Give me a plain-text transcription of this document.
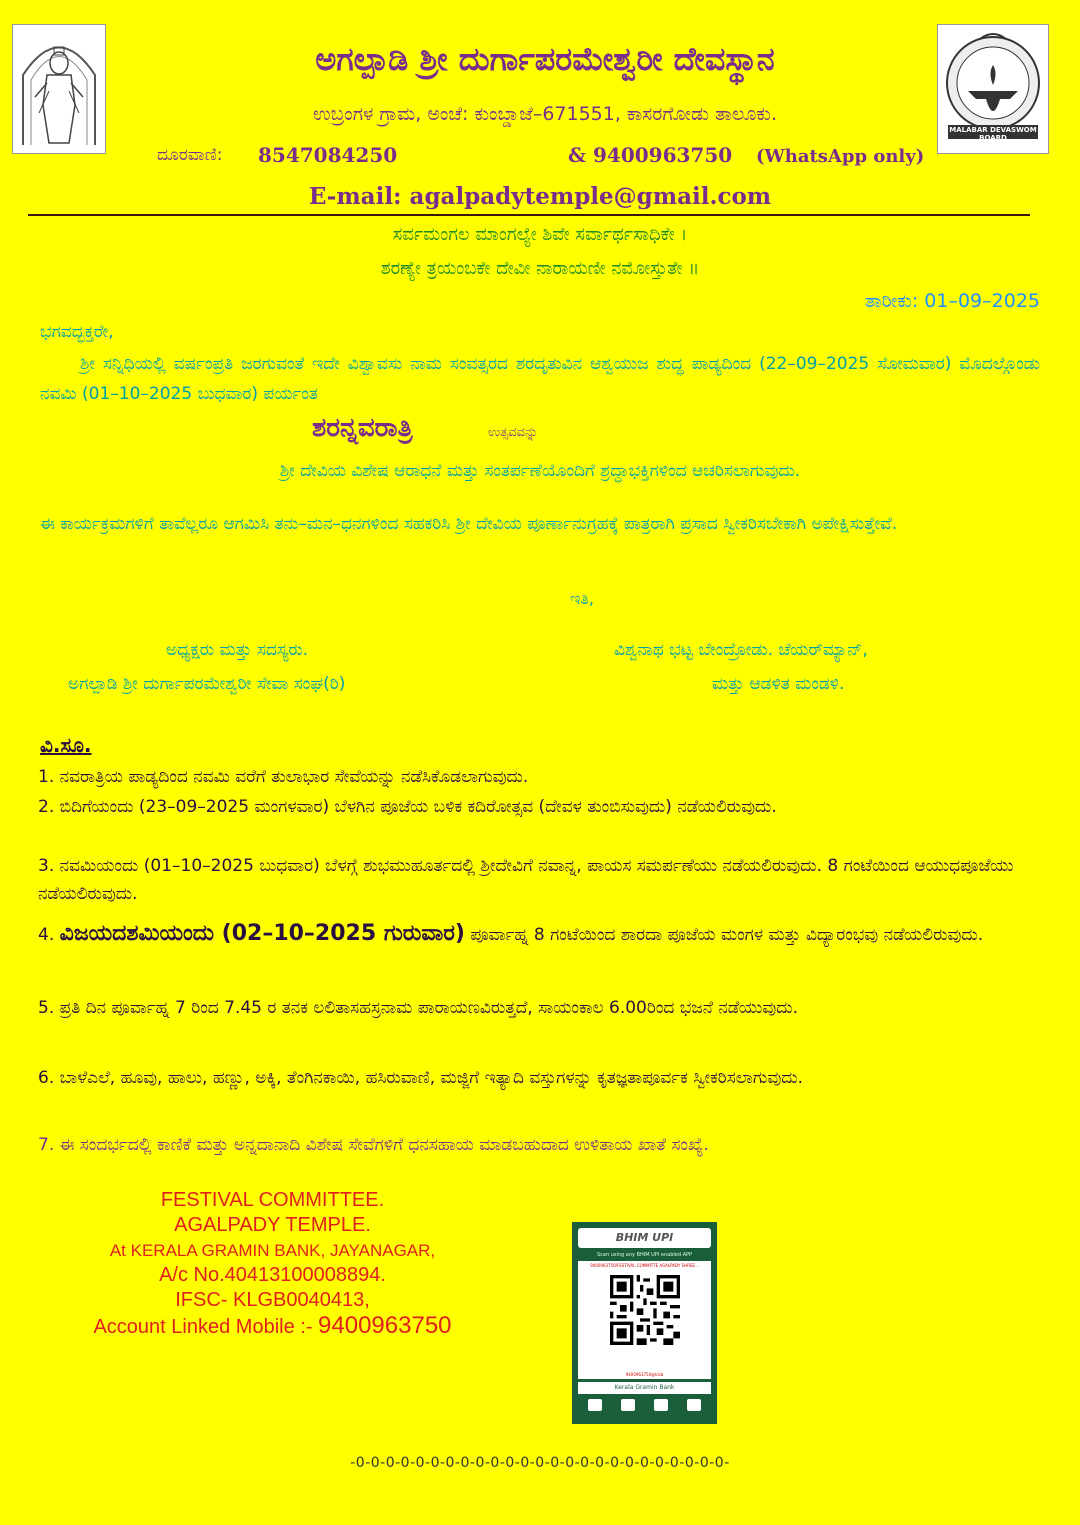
MALABAR DEVASWOM BOARD
ಅಗಲ್ಪಾಡಿ ಶ್ರೀ ದುರ್ಗಾಪರಮೇಶ್ವರೀ ದೇವಸ್ಥಾನ
ಉಬ್ರಂಗಳ ಗ್ರಾಮ, ಅಂಚೆ: ಕುಂಬ್ಡಾಜೆ–671551, ಕಾಸರಗೋಡು ತಾಲೂಕು.
ದೂರವಾಣಿ: 8547084250	& 9400963750 (WhatsApp only)
E-mail: agalpadytemple@gmail.com
ಸರ್ವಮಂಗಲ ಮಾಂಗಲ್ಯೇ ಶಿವೇ ಸರ್ವಾರ್ಥಸಾಧಿಕೇ ।
ಶರಣ್ಯೇ ತ್ರಯಂಬಕೇ ದೇವೀ ನಾರಾಯಣೀ ನಮೋಸ್ತುತೇ ॥
ತಾರೀಕು: 01–09–2025
ಭಗವದ್ಭಕ್ತರೇ,
ಶ್ರೀ ಸನ್ನಿಧಿಯಲ್ಲಿ ವರ್ಷಂಪ್ರತಿ ಜರಗುವಂತೆ ಇದೇ ವಿಶ್ವಾವಸು ನಾಮ ಸಂವತ್ಸರದ ಶರದೃತುವಿನ ಆಶ್ವಯುಜ ಶುದ್ಧ ಪಾಡ್ಯದಿಂದ (22–09–2025 ಸೋಮವಾರ) ಮೊದಲ್ಗೊಂಡು ನವಮಿ (01–10–2025 ಬುಧವಾರ) ಪರ್ಯಂತ
ಶರನ್ನವರಾತ್ರಿ	ಉತ್ಸವವನ್ನು
ಶ್ರೀ ದೇವಿಯ ವಿಶೇಷ ಆರಾಧನೆ ಮತ್ತು ಸಂತರ್ಪಣೆಯೊಂದಿಗೆ ಶ್ರದ್ಧಾಭಕ್ತಿಗಳಿಂದ ಆಚರಿಸಲಾಗುವುದು.
ಈ ಕಾರ್ಯಕ್ರಮಗಳಿಗೆ ತಾವೆಲ್ಲರೂ ಆಗಮಿಸಿ ತನು–ಮನ–ಧನಗಳಿಂದ ಸಹಕರಿಸಿ ಶ್ರೀ ದೇವಿಯ ಪೂರ್ಣಾನುಗ್ರಹಕ್ಕೆ ಪಾತ್ರರಾಗಿ ಪ್ರಸಾದ ಸ್ವೀಕರಿಸಬೇಕಾಗಿ ಅಪೇಕ್ಷಿಸುತ್ತೇವೆ.
ಇತಿ,
ಅಧ್ಯಕ್ಷರು ಮತ್ತು ಸದಸ್ಯರು.
ಅಗಲ್ಪಾಡಿ ಶ್ರೀ ದುರ್ಗಾಪರಮೇಶ್ವರೀ ಸೇವಾ ಸಂಘ(ರಿ)
ವಿಶ್ವನಾಥ ಭಟ್ಟ ಬೇಂದ್ರೋಡು. ಚೆಯರ್‌ಮ್ಯಾನ್,
ಮತ್ತು ಆಡಳಿತ ಮಂಡಳಿ.
ವಿ.ಸೂ.
1. ನವರಾತ್ರಿಯ ಪಾಡ್ಯದಿಂದ ನವಮಿ ವರೆಗೆ ತುಲಾಭಾರ ಸೇವೆಯನ್ನು ನಡೆಸಿಕೊಡಲಾಗುವುದು.
2. ಬಿದಿಗೆಯಂದು (23–09–2025 ಮಂಗಳವಾರ) ಬೆಳಗಿನ ಪೂಜೆಯ ಬಳಿಕ ಕದಿರೋತ್ಸವ (ದೇವಳ ತುಂಬಿಸುವುದು) ನಡೆಯಲಿರುವುದು.
3. ನವಮಿಯಂದು (01–10–2025 ಬುಧವಾರ) ಬೆಳಗ್ಗೆ ಶುಭಮುಹೂರ್ತದಲ್ಲಿ ಶ್ರೀದೇವಿಗೆ ನವಾನ್ನ, ಪಾಯಸ ಸಮರ್ಪಣೆಯು ನಡೆಯಲಿರುವುದು. 8 ಗಂಟೆಯಿಂದ ಆಯುಧಪೂಜೆಯು ನಡೆಯಲಿರುವುದು.
4. ವಿಜಯದಶಮಿಯಂದು (02–10–2025 ಗುರುವಾರ) ಪೂರ್ವಾಹ್ನ 8 ಗಂಟೆಯಿಂದ ಶಾರದಾ ಪೂಜೆಯ ಮಂಗಳ ಮತ್ತು ವಿದ್ಯಾರಂಭವು ನಡೆಯಲಿರುವುದು.
5. ಪ್ರತಿ ದಿನ ಪೂರ್ವಾಹ್ನ 7 ರಿಂದ 7.45 ರ ತನಕ ಲಲಿತಾಸಹಸ್ರನಾಮ ಪಾರಾಯಣವಿರುತ್ತದೆ, ಸಾಯಂಕಾಲ 6.00ರಿಂದ ಭಜನೆ ನಡೆಯುವುದು.
6. ಬಾಳೆಎಲೆ, ಹೂವು, ಹಾಲು, ಹಣ್ಣು, ಅಕ್ಕಿ, ತೆಂಗಿನಕಾಯಿ, ಹಸಿರುವಾಣಿ, ಮಜ್ಜಿಗೆ ಇತ್ಯಾದಿ ವಸ್ತುಗಳನ್ನು ಕೃತಜ್ಞತಾಪೂರ್ವಕ ಸ್ವೀಕರಿಸಲಾಗುವುದು.
7. ಈ ಸಂದರ್ಭದಲ್ಲಿ ಕಾಣಿಕೆ ಮತ್ತು ಅನ್ನದಾನಾದಿ ವಿಶೇಷ ಸೇವೆಗಳಿಗೆ ಧನಸಹಾಯ ಮಾಡಬಹುದಾದ ಉಳಿತಾಯ ಖಾತೆ ಸಂಖ್ಯೆ.
FESTIVAL COMMITTEE.
AGALPADY TEMPLE.
At KERALA GRAMIN BANK, JAYANAGAR,
A/c No.40413100008894.
IFSC- KLGB0040413,
Account Linked Mobile :- 9400963750
BHIM UPI
Scan using any BHIM UPI enabled APP
9400963750/FESTIVAL COMMITTE AGALPADY SHREE...
9400963750@klcb
Kerala Gramin Bank
-0-0-0-0-0-0-0-0-0-0-0-0-0-0-0-0-0-0-0-0-0-0-0-0-0-
